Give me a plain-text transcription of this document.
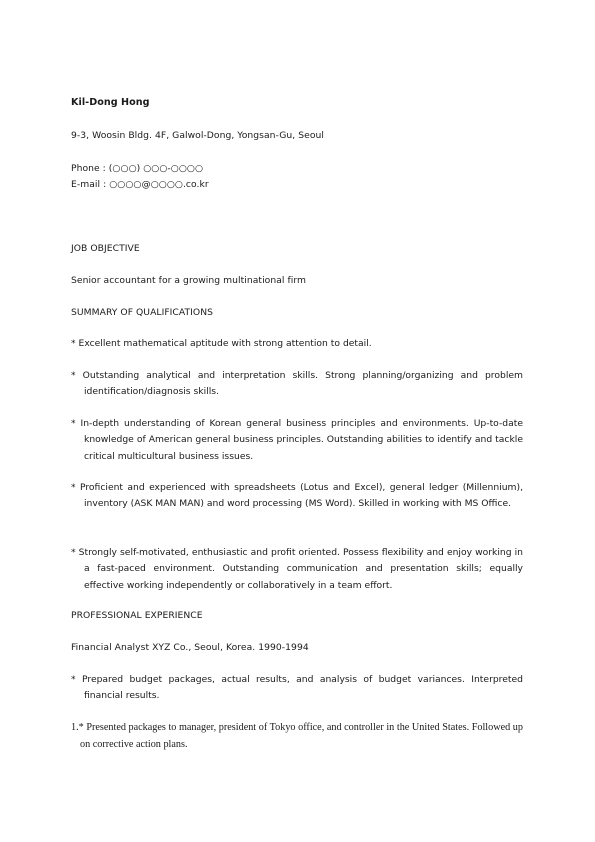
Kil-Dong Hong
9-3, Woosin Bldg. 4F, Galwol-Dong, Yongsan-Gu, Seoul
Phone : (○○○) ○○○-○○○○
E-mail : ○○○○@○○○○.co.kr
JOB OBJECTIVE
Senior accountant for a growing multinational firm
SUMMARY OF QUALIFICATIONS
* Excellent mathematical aptitude with strong attention to detail.
* Outstanding analytical and interpretation skills. Strong planning/organizing and problem identification/diagnosis skills.
* In-depth understanding of Korean general business principles and environments. Up-to-date knowledge of American general business principles. Outstanding abilities to identify and tackle critical multicultural business issues.
* Proficient and experienced with spreadsheets (Lotus and Excel), general ledger (Millennium), inventory (ASK MAN MAN) and word processing (MS Word). Skilled in working with MS Office.
* Strongly self-motivated, enthusiastic and profit oriented. Possess flexibility and enjoy working in a fast-paced environment. Outstanding communication and presentation skills; equally effective working independently or collaboratively in a team effort.
PROFESSIONAL EXPERIENCE
Financial Analyst XYZ Co., Seoul, Korea. 1990-1994
* Prepared budget packages, actual results, and analysis of budget variances. Interpreted financial results.
1.* Presented packages to manager, president of Tokyo office, and controller in the United States. Followed up on corrective action plans.
